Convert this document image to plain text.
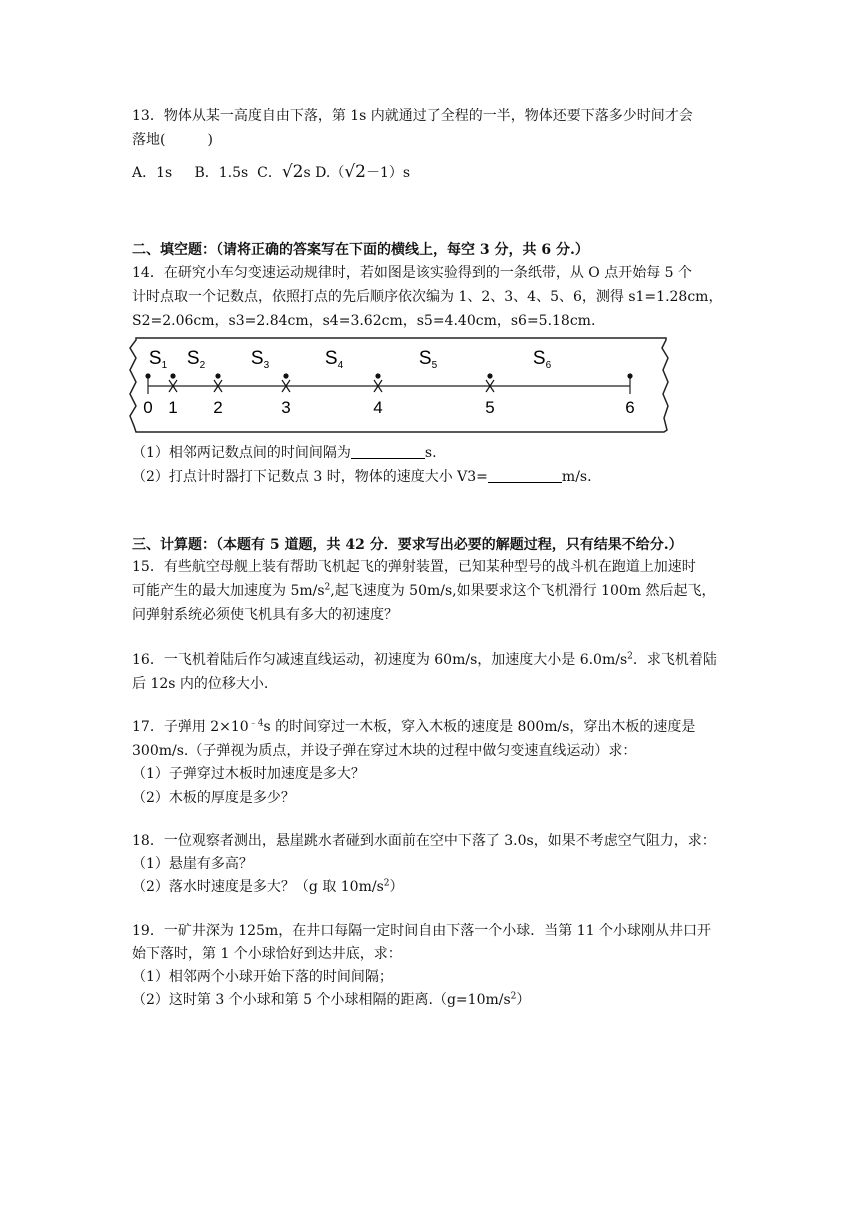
13．物体从某一高度自由下落，第 1s 内就通过了全程的一半，物体还要下落多少时间才会
落地(　　　)
A．1s B．1.5s C．√2s D.（√2－1）s
二、填空题：（请将正确的答案写在下面的横线上，每空 3 分，共 6 分.）
14．在研究小车匀变速运动规律时，若如图是该实验得到的一条纸带，从 O 点开始每 5 个
计时点取一个记数点，依照打点的先后顺序依次编为 1、2、3、4、5、6，测得 s1=1.28cm，
S2=2.06cm，s3=2.84cm，s4=3.62cm，s5=4.40cm，s6=5.18cm.
0 1 2	3	4	5	6
$S_1$ $S_2$ $S_3$	$S_4$	$S_5$	$S_6$
（1）相邻两记数点间的时间间隔为	s.
（2）打点计时器打下记数点 3 时，物体的速度大小 V3=	m/s.
三、计算题：（本题有 5 道题，共 42 分．要求写出必要的解题过程，只有结果不给分.）
15．有些航空母舰上装有帮助飞机起飞的弹射装置，已知某种型号的战斗机在跑道上加速时
可能产生的最大加速度为 $5m/s^2$,起飞速度为 50m/s,如果要求这个飞机滑行 100m 然后起飞，
问弹射系统必须使飞机具有多大的初速度？
16．一飞机着陆后作匀减速直线运动，初速度为 60m/s，加速度大小是 $6.0m/s^2$．求飞机着陆
后 12s 内的位移大小.
17．子弹用 $2\times 10^{﹣4}s$ 的时间穿过一木板，穿入木板的速度是 800m/s，穿出木板的速度是
300m/s.（子弹视为质点，并设子弹在穿过木块的过程中做匀变速直线运动）求：
（1）子弹穿过木板时加速度是多大？
（2）木板的厚度是多少？
18．一位观察者测出，悬崖跳水者碰到水面前在空中下落了 3.0s，如果不考虑空气阻力，求：
（1）悬崖有多高？
（2）落水时速度是多大？（g 取 $10m/s^2$）
19．一矿井深为 125m，在井口每隔一定时间自由下落一个小球．当第 11 个小球刚从井口开
始下落时，第 1 个小球恰好到达井底，求：
（1）相邻两个小球开始下落的时间间隔；
（2）这时第 3 个小球和第 5 个小球相隔的距离$.(g=10m/s^2)$
